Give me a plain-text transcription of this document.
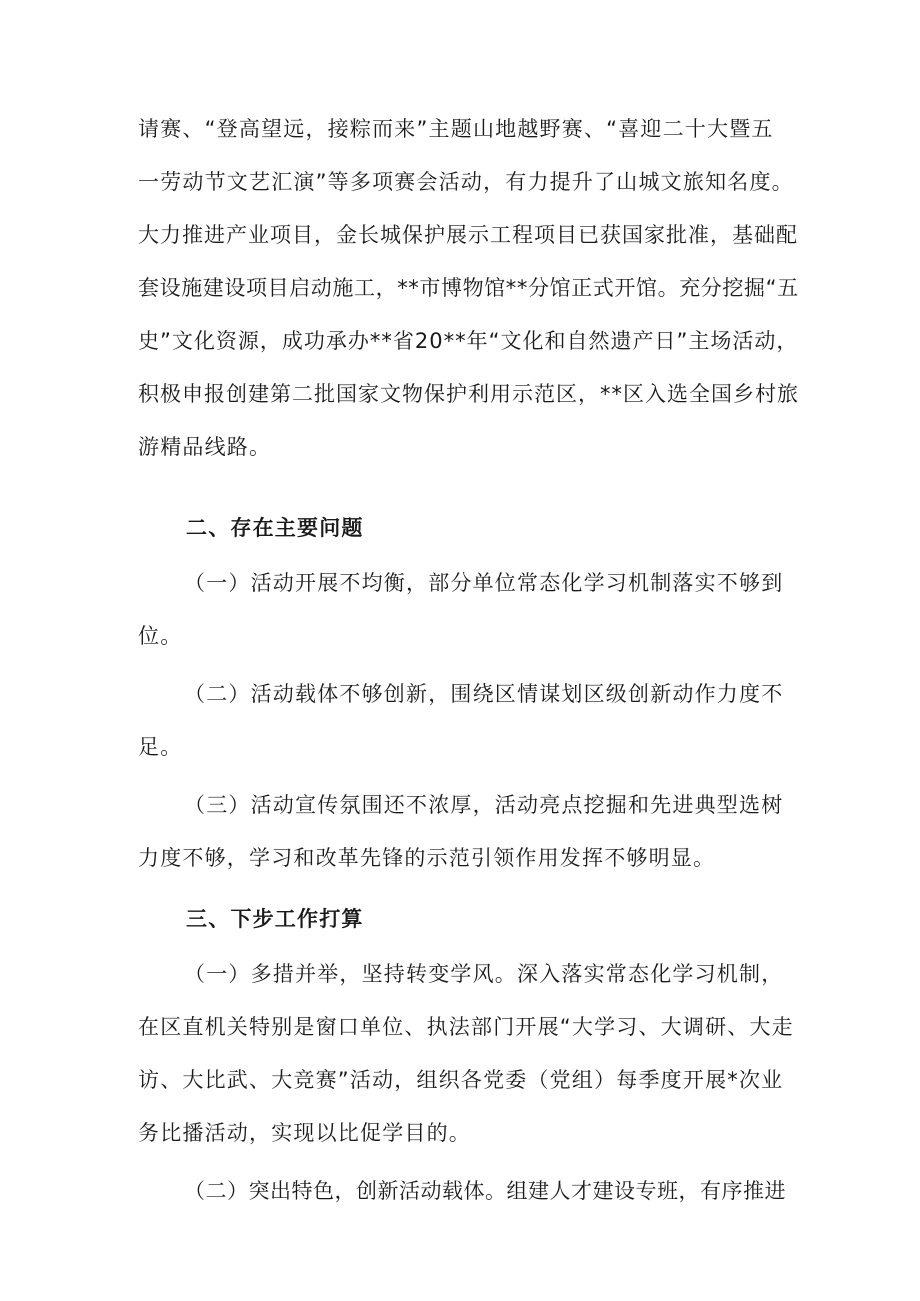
请赛、“登高望远，接粽而来”主题山地越野赛、“喜迎二十大暨五
一劳动节文艺汇演”等多项赛会活动，有力提升了山城文旅知名度。
大力推进产业项目，金长城保护展示工程项目已获国家批准，基础配
套设施建设项目启动施工，**市博物馆**分馆正式开馆。充分挖掘“五
史”文化资源，成功承办**省20**年“文化和自然遗产日”主场活动，
积极申报创建第二批国家文物保护利用示范区，**区入选全国乡村旅
游精品线路。
二、存在主要问题
（一）活动开展不均衡，部分单位常态化学习机制落实不够到
位。
（二）活动载体不够创新，围绕区情谋划区级创新动作力度不
足。
（三）活动宣传氛围还不浓厚，活动亮点挖掘和先进典型选树
力度不够，学习和改革先锋的示范引领作用发挥不够明显。
三、下步工作打算
（一）多措并举，坚持转变学风。深入落实常态化学习机制，
在区直机关特别是窗口单位、执法部门开展“大学习、大调研、大走
访、大比武、大竞赛”活动，组织各党委（党组）每季度开展*次业
务比播活动，实现以比促学目的。
（二）突出特色，创新活动载体。组建人才建设专班，有序推进
